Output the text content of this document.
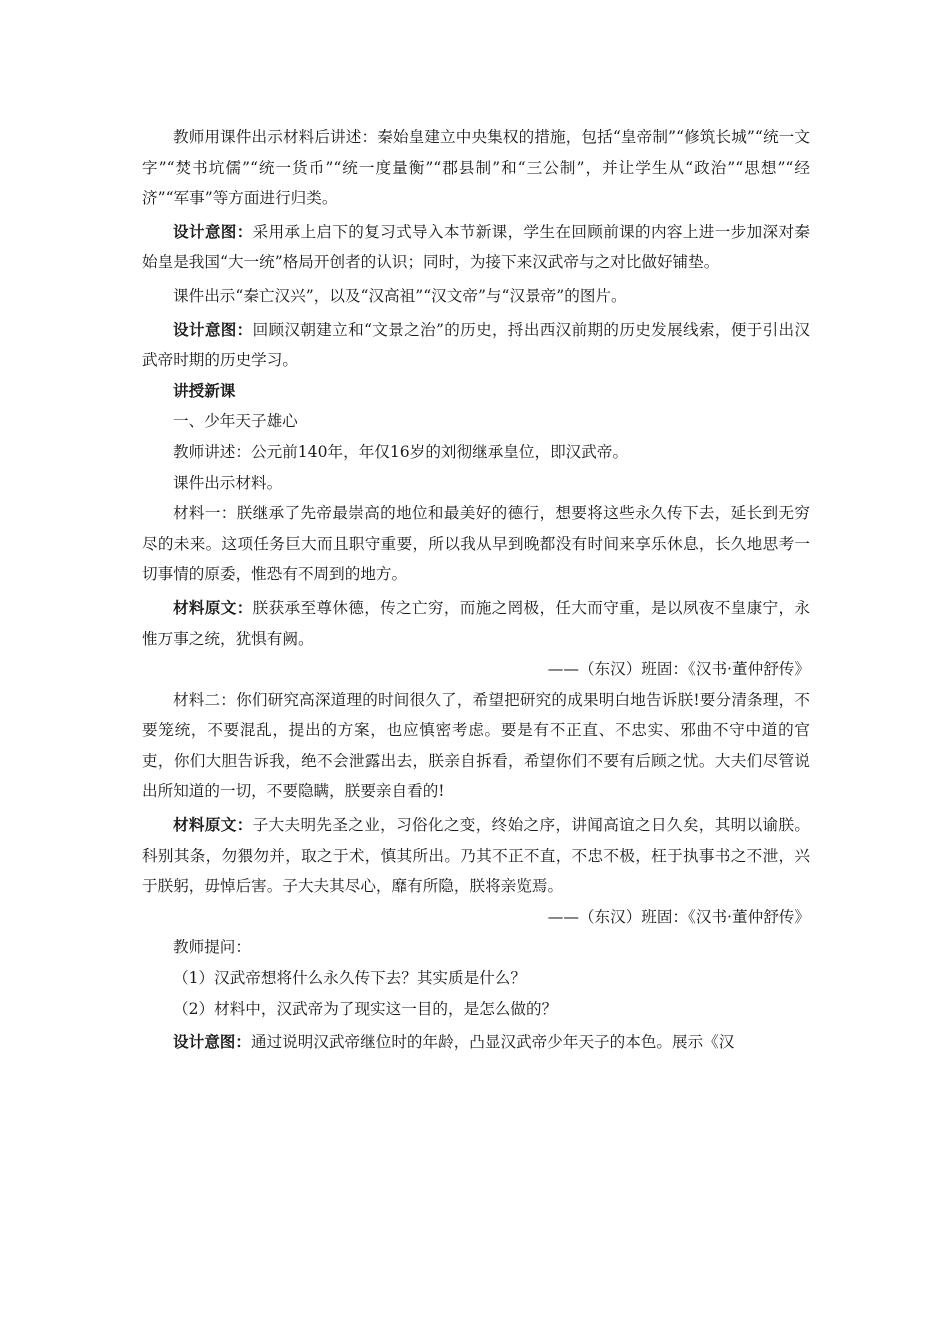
教师用课件出示材料后讲述：秦始皇建立中央集权的措施，包括“皇帝制”“修筑长城”“统一文字”“焚书坑儒”“统一货币”“统一度量衡”“郡县制”和“三公制”，并让学生从“政治”“思想”“经济”“军事”等方面进行归类。

设计意图：采用承上启下的复习式导入本节新课，学生在回顾前课的内容上进一步加深对秦始皇是我国“大一统”格局开创者的认识；同时，为接下来汉武帝与之对比做好铺垫。

课件出示“秦亡汉兴”，以及“汉高祖”“汉文帝”与“汉景帝”的图片。

设计意图：回顾汉朝建立和“文景之治”的历史，捋出西汉前期的历史发展线索，便于引出汉武帝时期的历史学习。

讲授新课

一、少年天子雄心

教师讲述：公元前140年，年仅16岁的刘彻继承皇位，即汉武帝。

课件出示材料。

材料一：朕继承了先帝最崇高的地位和最美好的德行，想要将这些永久传下去，延长到无穷尽的未来。这项任务巨大而且职守重要，所以我从早到晚都没有时间来享乐休息，长久地思考一切事情的原委，惟恐有不周到的地方。

材料原文：朕获承至尊休德，传之亡穷，而施之罔极，任大而守重，是以夙夜不皇康宁，永惟万事之统，犹惧有阙。

——（东汉）班固：《汉书·董仲舒传》

材料二：你们研究高深道理的时间很久了，希望把研究的成果明白地告诉朕!要分清条理，不要笼统，不要混乱，提出的方案，也应慎密考虑。要是有不正直、不忠实、邪曲不守中道的官吏，你们大胆告诉我，绝不会泄露出去，朕亲自拆看，希望你们不要有后顾之忧。大夫们尽管说出所知道的一切，不要隐瞒，朕要亲自看的!

材料原文：子大夫明先圣之业，习俗化之变，终始之序，讲闻高谊之日久矣，其明以谕朕。科别其条，勿猥勿并，取之于术，慎其所出。乃其不正不直，不忠不极，枉于执事书之不泄，兴于朕躬，毋悼后害。子大夫其尽心，靡有所隐，朕将亲览焉。

——（东汉）班固：《汉书·董仲舒传》

教师提问：

（1）汉武帝想将什么永久传下去？其实质是什么？

（2）材料中，汉武帝为了现实这一目的，是怎么做的？

设计意图：通过说明汉武帝继位时的年龄，凸显汉武帝少年天子的本色。展示《汉
